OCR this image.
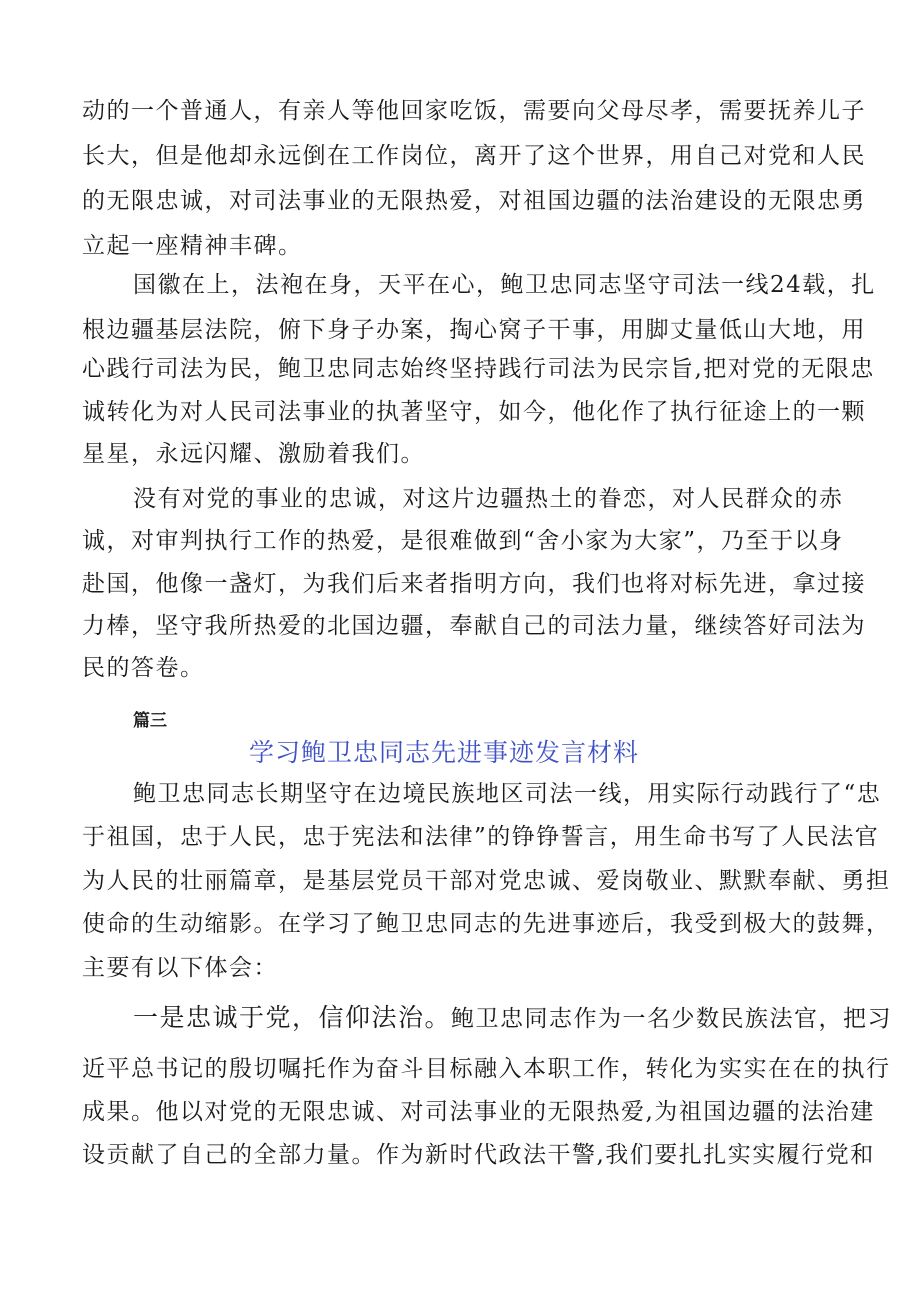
动的一个普通人，有亲人等他回家吃饭，需要向父母尽孝，需要抚养儿子

长大，但是他却永远倒在工作岗位，离开了这个世界，用自己对党和人民

的无限忠诚，对司法事业的无限热爱，对祖国边疆的法治建设的无限忠勇

立起一座精神丰碑。

国徽在上，法袍在身，天平在心，鲍卫忠同志坚守司法一线24载，扎

根边疆基层法院，俯下身子办案，掏心窝子干事，用脚丈量低山大地，用

心践行司法为民，鲍卫忠同志始终坚持践行司法为民宗旨,把对党的无限忠

诚转化为对人民司法事业的执著坚守，如今，他化作了执行征途上的一颗

星星，永远闪耀、激励着我们。

没有对党的事业的忠诚，对这片边疆热土的眷恋，对人民群众的赤

诚，对审判执行工作的热爱，是很难做到“舍小家为大家”，乃至于以身

赴国，他像一盏灯，为我们后来者指明方向，我们也将对标先进，拿过接

力棒，坚守我所热爱的北国边疆，奉献自己的司法力量，继续答好司法为

民的答卷。

篇三

学习鲍卫忠同志先进事迹发言材料

鲍卫忠同志长期坚守在边境民族地区司法一线，用实际行动践行了“忠

于祖国，忠于人民，忠于宪法和法律”的铮铮誓言，用生命书写了人民法官

为人民的壮丽篇章，是基层党员干部对党忠诚、爱岗敬业、默默奉献、勇担

使命的生动缩影。在学习了鲍卫忠同志的先进事迹后，我受到极大的鼓舞，

主要有以下体会：

一是忠诚于党，信仰法治。鲍卫忠同志作为一名少数民族法官，把习

近平总书记的殷切嘱托作为奋斗目标融入本职工作，转化为实实在在的执行

成果。他以对党的无限忠诚、对司法事业的无限热爱,为祖国边疆的法治建

设贡献了自己的全部力量。作为新时代政法干警,我们要扎扎实实履行党和
